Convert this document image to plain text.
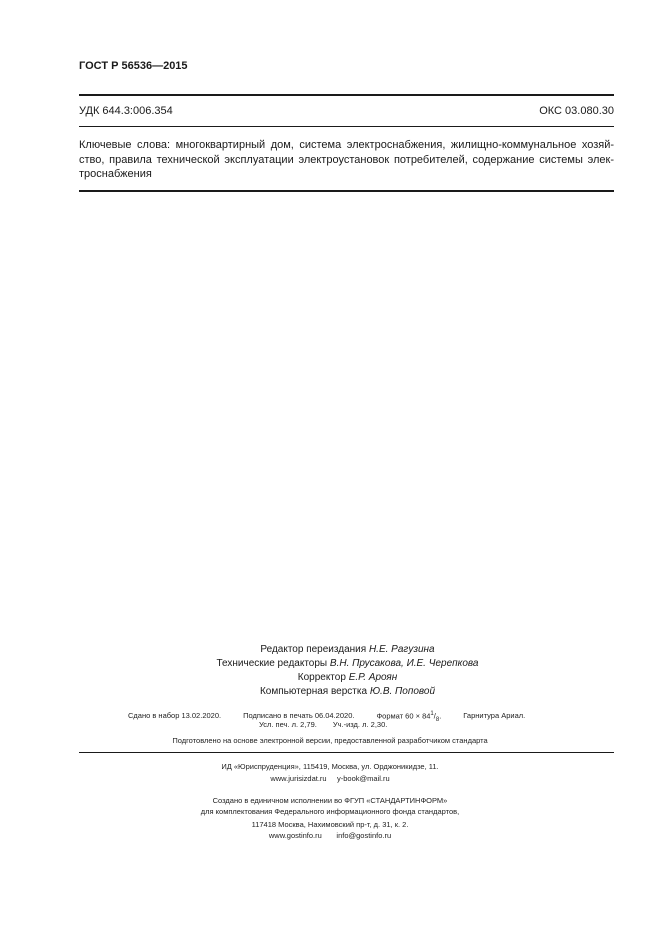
ГОСТ Р 56536—2015
УДК 644.3:006.354	ОКС 03.080.30
Ключевые слова: многоквартирный дом, система электроснабжения, жилищно-коммунальное хозяй-
ство, правила технической эксплуатации электроустановок потребителей, содержание системы элек-
троснабжения
Редактор переиздания Н.Е. Рагузина
Технические редакторы В.Н. Прусакова, И.Е. Черепкова
Корректор Е.Р. Ароян
Компьютерная верстка Ю.В. Поповой
Сдано в набор 13.02.2020.	Подписано в печать 06.04.2020.	Формат $60 \times 84^1/_8$.	Гарнитура Ариал.
Усл. печ. л. 2,79. Уч.-изд. л. 2,30.
Подготовлено на основе электронной версии, предоставленной разработчиком стандарта
ИД «Юриспруденция», 115419, Москва, ул. Орджоникидзе, 11.
www.jurisizdat.ru y-book@mail.ru
Создано в единичном исполнении во ФГУП «СТАНДАРТИНФОРМ»
для комплектования Федерального информационного фонда стандартов,
117418 Москва, Нахимовский пр-т, д. 31, к. 2.
www.gostinfo.ru info@gostinfo.ru
